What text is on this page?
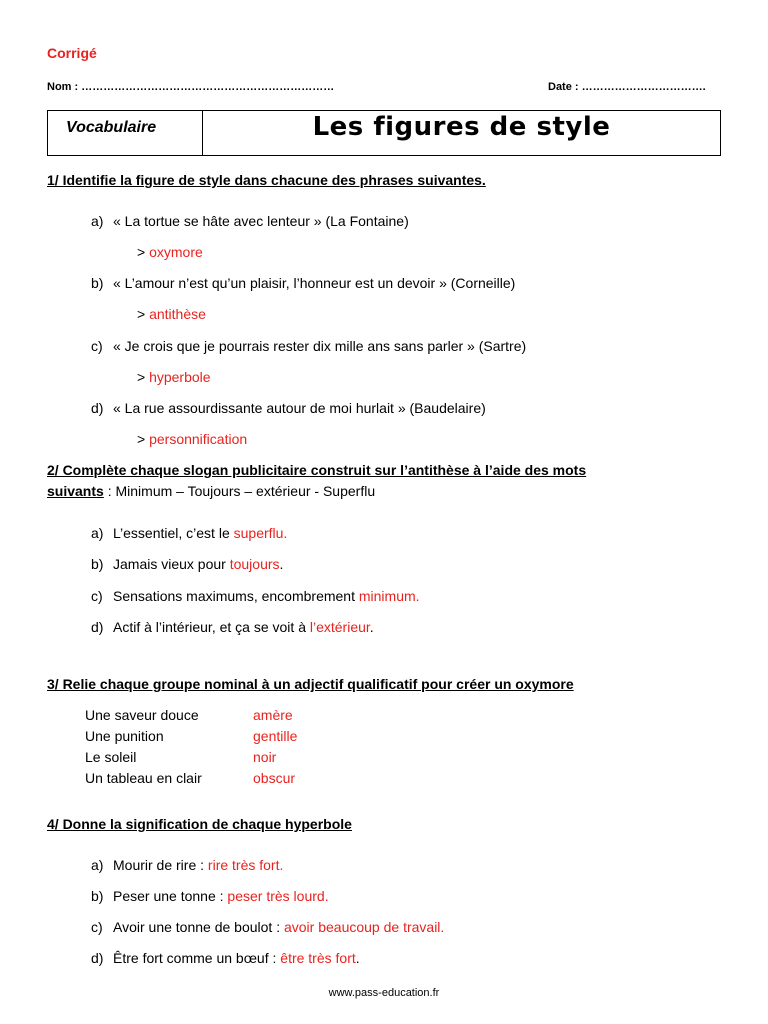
Corrigé
Nom : ……………………………………………………………	Date : …………………………….
Vocabulaire	Les figures de style
1/ Identifie la figure de style dans chacune des phrases suivantes.
a) « La tortue se hâte avec lenteur » (La Fontaine)
> oxymore
b) « L’amour n’est qu’un plaisir, l’honneur est un devoir » (Corneille)
> antithèse
c) « Je crois que je pourrais rester dix mille ans sans parler » (Sartre)
> hyperbole
d) « La rue assourdissante autour de moi hurlait » (Baudelaire)
> personnification
2/ Complète chaque slogan publicitaire construit sur l’antithèse à l’aide des mots
suivants : Minimum – Toujours – extérieur - Superflu
a) L’essentiel, c’est le superflu.
b) Jamais vieux pour toujours.
c) Sensations maximums, encombrement minimum.
d) Actif à l’intérieur, et ça se voit à l’extérieur.
3/ Relie chaque groupe nominal à un adjectif qualificatif pour créer un oxymore
Une saveur douce	amère
Une punition	gentille
Le soleil	noir
Un tableau en clair	obscur
4/ Donne la signification de chaque hyperbole
a) Mourir de rire : rire très fort.
b) Peser une tonne : peser très lourd.
c) Avoir une tonne de boulot : avoir beaucoup de travail.
d) Être fort comme un bœuf : être très fort.
www.pass-education.fr
